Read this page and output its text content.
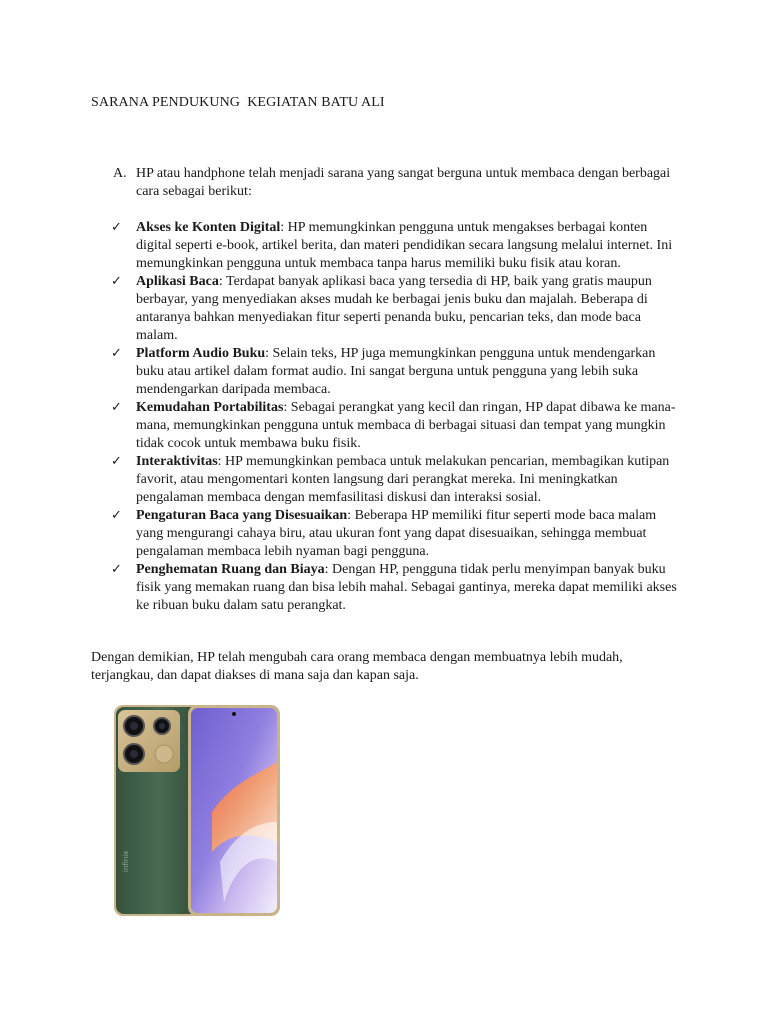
SARANA PENDUKUNG  KEGIATAN BATU ALI
A. HP atau handphone telah menjadi sarana yang sangat berguna untuk membaca dengan berbagai cara sebagai berikut:
✓ Akses ke Konten Digital: HP memungkinkan pengguna untuk mengakses berbagai konten digital seperti e-book, artikel berita, dan materi pendidikan secara langsung melalui internet. Ini memungkinkan pengguna untuk membaca tanpa harus memiliki buku fisik atau koran.
✓ Aplikasi Baca: Terdapat banyak aplikasi baca yang tersedia di HP, baik yang gratis maupun berbayar, yang menyediakan akses mudah ke berbagai jenis buku dan majalah. Beberapa di antaranya bahkan menyediakan fitur seperti penanda buku, pencarian teks, dan mode baca malam.
✓ Platform Audio Buku: Selain teks, HP juga memungkinkan pengguna untuk mendengarkan buku atau artikel dalam format audio. Ini sangat berguna untuk pengguna yang lebih suka mendengarkan daripada membaca.
✓ Kemudahan Portabilitas: Sebagai perangkat yang kecil dan ringan, HP dapat dibawa ke mana-mana, memungkinkan pengguna untuk membaca di berbagai situasi dan tempat yang mungkin tidak cocok untuk membawa buku fisik.
✓ Interaktivitas: HP memungkinkan pembaca untuk melakukan pencarian, membagikan kutipan favorit, atau mengomentari konten langsung dari perangkat mereka. Ini meningkatkan pengalaman membaca dengan memfasilitasi diskusi dan interaksi sosial.
✓ Pengaturan Baca yang Disesuaikan: Beberapa HP memiliki fitur seperti mode baca malam yang mengurangi cahaya biru, atau ukuran font yang dapat disesuaikan, sehingga membuat pengalaman membaca lebih nyaman bagi pengguna.
✓ Penghematan Ruang dan Biaya: Dengan HP, pengguna tidak perlu menyimpan banyak buku fisik yang memakan ruang dan bisa lebih mahal. Sebagai gantinya, mereka dapat memiliki akses ke ribuan buku dalam satu perangkat.
Dengan demikian, HP telah mengubah cara orang membaca dengan membuatnya lebih mudah, terjangkau, dan dapat diakses di mana saja dan kapan saja.
infinix
